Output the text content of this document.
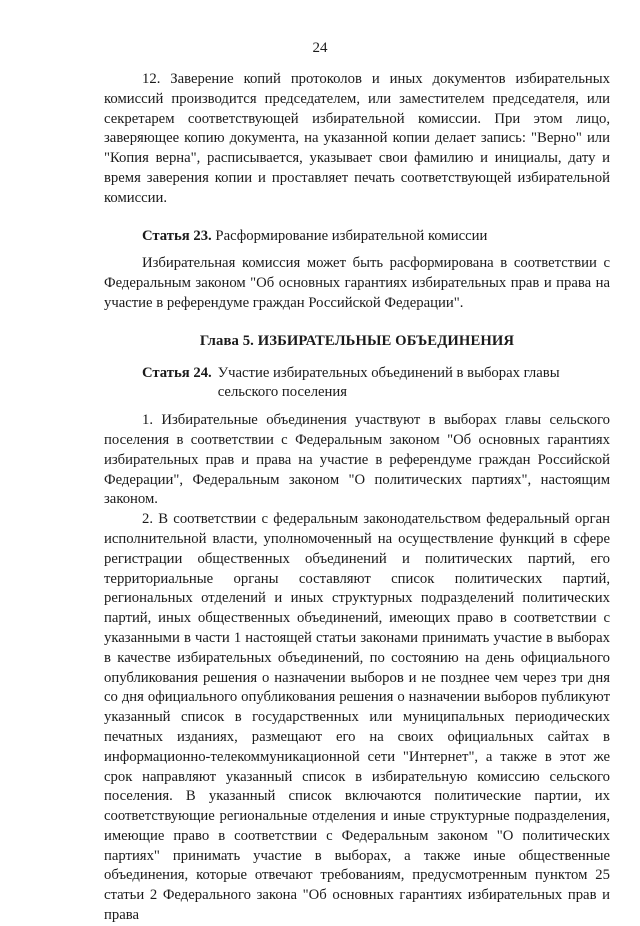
24

12. Заверение копий протоколов и иных документов избирательных комиссий производится председателем, или заместителем председателя, или секретарем соответствующей избирательной комиссии. При этом лицо, заверяющее копию документа, на указанной копии делает запись: "Верно" или "Копия верна", расписывается, указывает свои фамилию и инициалы, дату и время заверения копии и проставляет печать соответствующей избирательной комиссии.

Статья 23. Расформирование избирательной комиссии

Избирательная комиссия может быть расформирована в соответствии с Федеральным законом "Об основных гарантиях избирательных прав и права на участие в референдуме граждан Российской Федерации".

Глава 5. ИЗБИРАТЕЛЬНЫЕ ОБЪЕДИНЕНИЯ
Статья 24. Участие избирательных объединений в выборах главы сельского поселения

1. Избирательные объединения участвуют в выборах главы сельского поселения в соответствии с Федеральным законом "Об основных гарантиях избирательных прав и права на участие в референдуме граждан Российской Федерации", Федеральным законом "О политических партиях", настоящим законом.

2. В соответствии с федеральным законодательством федеральный орган исполнительной власти, уполномоченный на осуществление функций в сфере регистрации общественных объединений и политических партий, его территориальные органы составляют список политических партий, региональных отделений и иных структурных подразделений политических партий, иных общественных объединений, имеющих право в соответствии с указанными в части 1 настоящей статьи законами принимать участие в выборах в качестве избирательных объединений, по состоянию на день официального опубликования решения о назначении выборов и не позднее чем через три дня со дня официального опубликования решения о назначении выборов публикуют указанный список в государственных или муниципальных периодических печатных изданиях, размещают его на своих официальных сайтах в информационно-телекоммуникационной сети "Интернет", а также в этот же срок направляют указанный список в избирательную комиссию сельского поселения. В указанный список включаются политические партии, их соответствующие региональные отделения и иные структурные подразделения, имеющие право в соответствии с Федеральным законом "О политических партиях" принимать участие в выборах, а также иные общественные объединения, которые отвечают требованиям, предусмотренным пунктом 25 статьи 2 Федерального закона "Об основных гарантиях избирательных прав и права
